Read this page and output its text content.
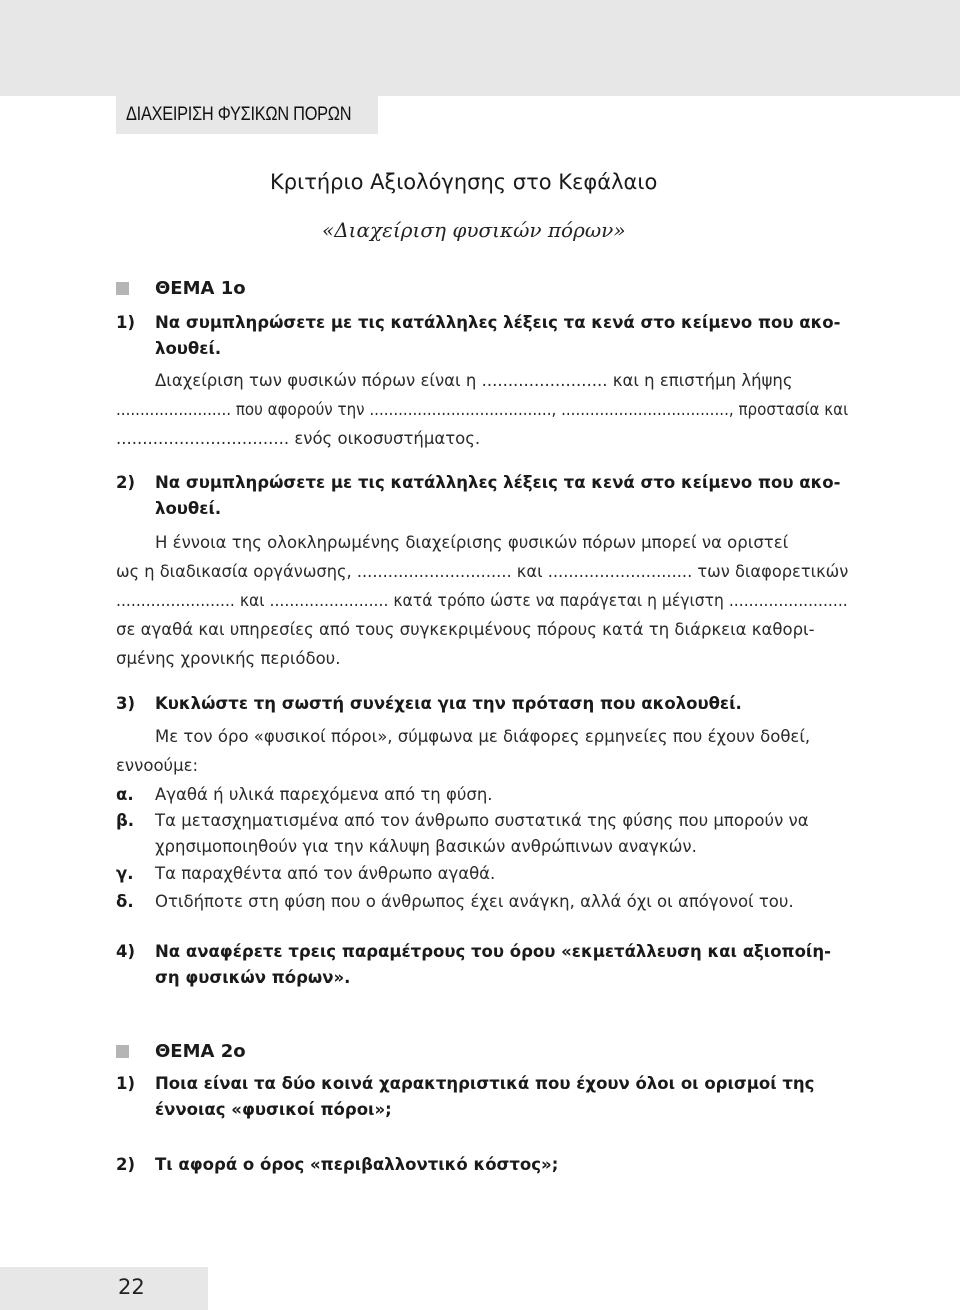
ΔΙΑΧΕΙΡΙΣΗ ΦΥΣΙΚΩΝ ΠΟΡΩΝ
Κριτήριο Αξιολόγησης στο Κεφάλαιο
«Διαχείριση φυσικών πόρων»
ΘΕΜΑ 1ο
1) Να συμπληρώσετε με τις κατάλληλες λέξεις τα κενά στο κείμενο που ακο-
λουθεί.
Διαχείριση των φυσικών πόρων είναι η ........................ και η επιστήμη λήψης
........................ που αφορούν την ......................................, ..................................., προστασία και
................................. ενός οικοσυστήματος.
2) Να συμπληρώσετε με τις κατάλληλες λέξεις τα κενά στο κείμενο που ακο-
λουθεί.
Η έννοια της ολοκληρωμένης διαχείρισης φυσικών πόρων μπορεί να οριστεί
ως η διαδικασία οργάνωσης, .............................. και ............................ των διαφορετικών
........................ και ........................ κατά τρόπο ώστε να παράγεται η μέγιστη ........................
σε αγαθά και υπηρεσίες από τους συγκεκριμένους πόρους κατά τη διάρκεια καθορι-
σμένης χρονικής περιόδου.
3) Κυκλώστε τη σωστή συνέχεια για την πρόταση που ακολουθεί.
Με τον όρο «φυσικοί πόροι», σύμφωνα με διάφορες ερμηνείες που έχουν δοθεί,
εννοούμε:
α. Αγαθά ή υλικά παρεχόμενα από τη φύση.
β. Τα μετασχηματισμένα από τον άνθρωπο συστατικά της φύσης που μπορούν να
χρησιμοποιηθούν για την κάλυψη βασικών ανθρώπινων αναγκών.
γ. Τα παραχθέντα από τον άνθρωπο αγαθά.
δ. Οτιδήποτε στη φύση που ο άνθρωπος έχει ανάγκη, αλλά όχι οι απόγονοί του.
4) Να αναφέρετε τρεις παραμέτρους του όρου «εκμετάλλευση και αξιοποίη-
ση φυσικών πόρων».
ΘΕΜΑ 2ο
1) Ποια είναι τα δύο κοινά χαρακτηριστικά που έχουν όλοι οι ορισμοί της
έννοιας «φυσικοί πόροι»;
2) Τι αφορά ο όρος «περιβαλλοντικό κόστος»;
22
